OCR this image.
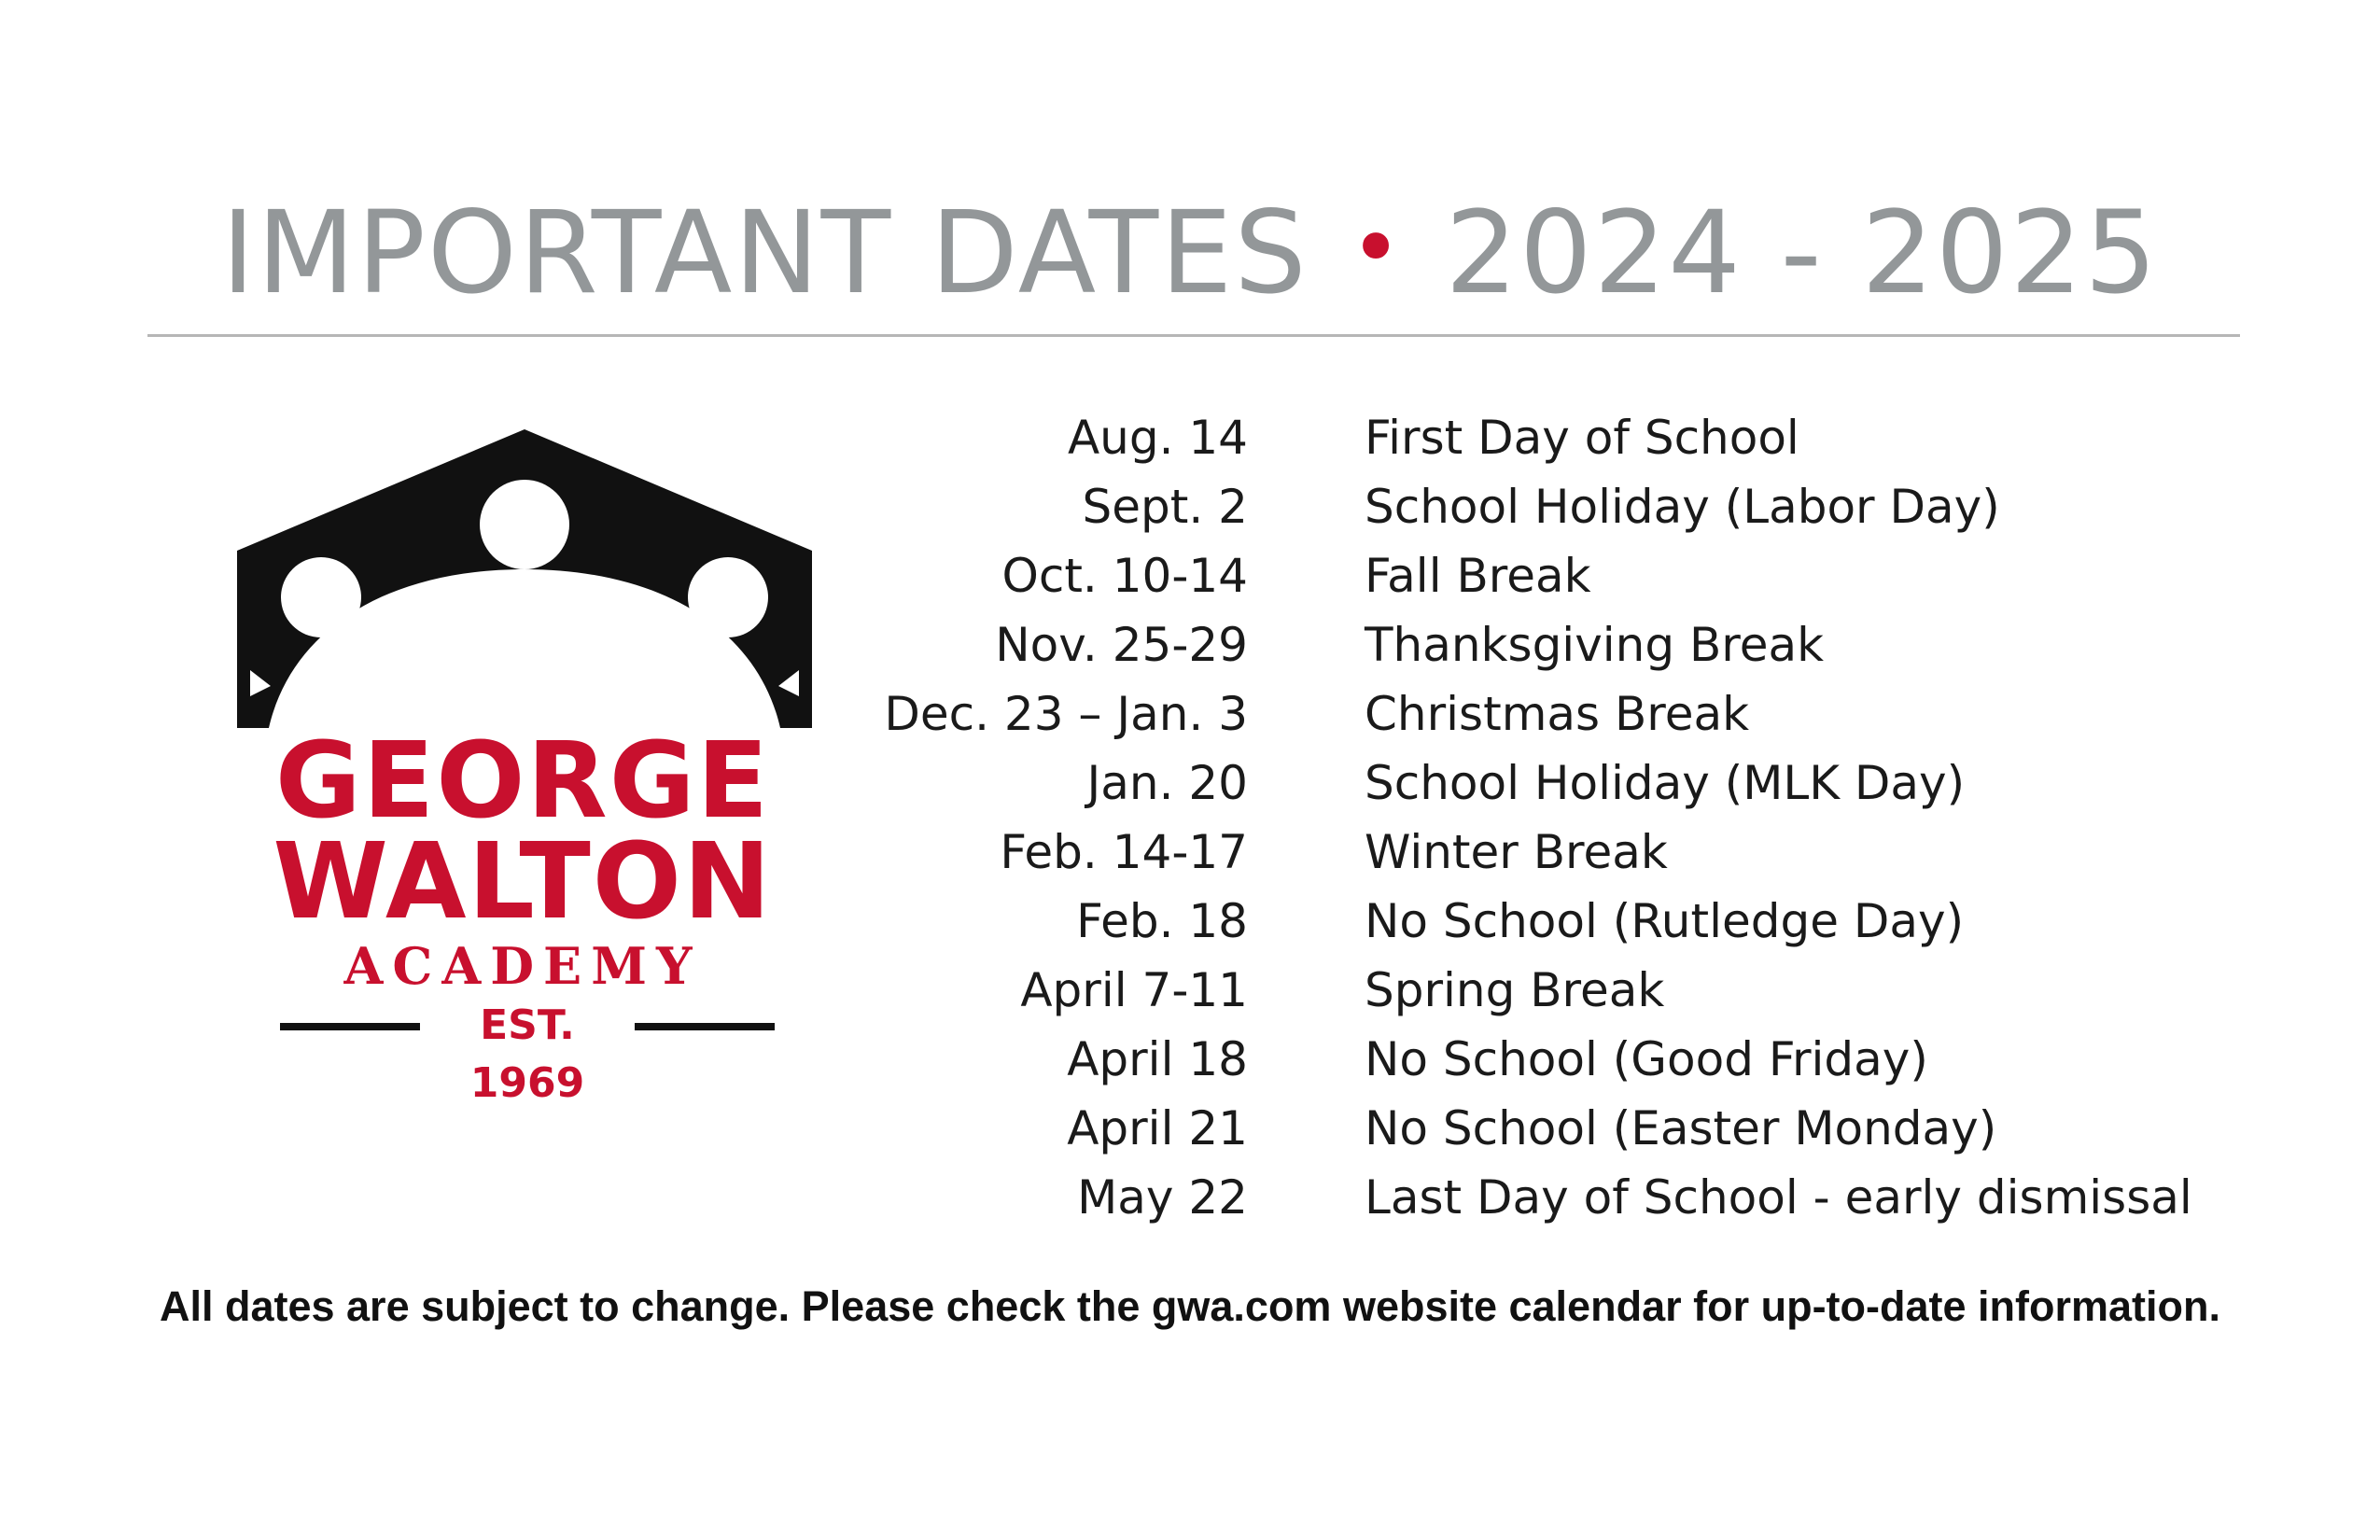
IMPORTANT DATES • 2024 - 2025
GEORGE
WALTON
ACADEMY
EST. 1969
Aug. 14	First Day of School
Sept. 2	School Holiday (Labor Day)
Oct. 10-14	Fall Break
Nov. 25-29	Thanksgiving Break
Dec. 23 – Jan. 3	Christmas Break
Jan. 20	School Holiday (MLK Day)
Feb. 14-17	Winter Break
Feb. 18	No School (Rutledge Day)
April 7-11	Spring Break
April 18	No School (Good Friday)
April 21	No School (Easter Monday)
May 22	Last Day of School - early dismissal
All dates are subject to change. Please check the gwa.com website calendar for up-to-date information.
